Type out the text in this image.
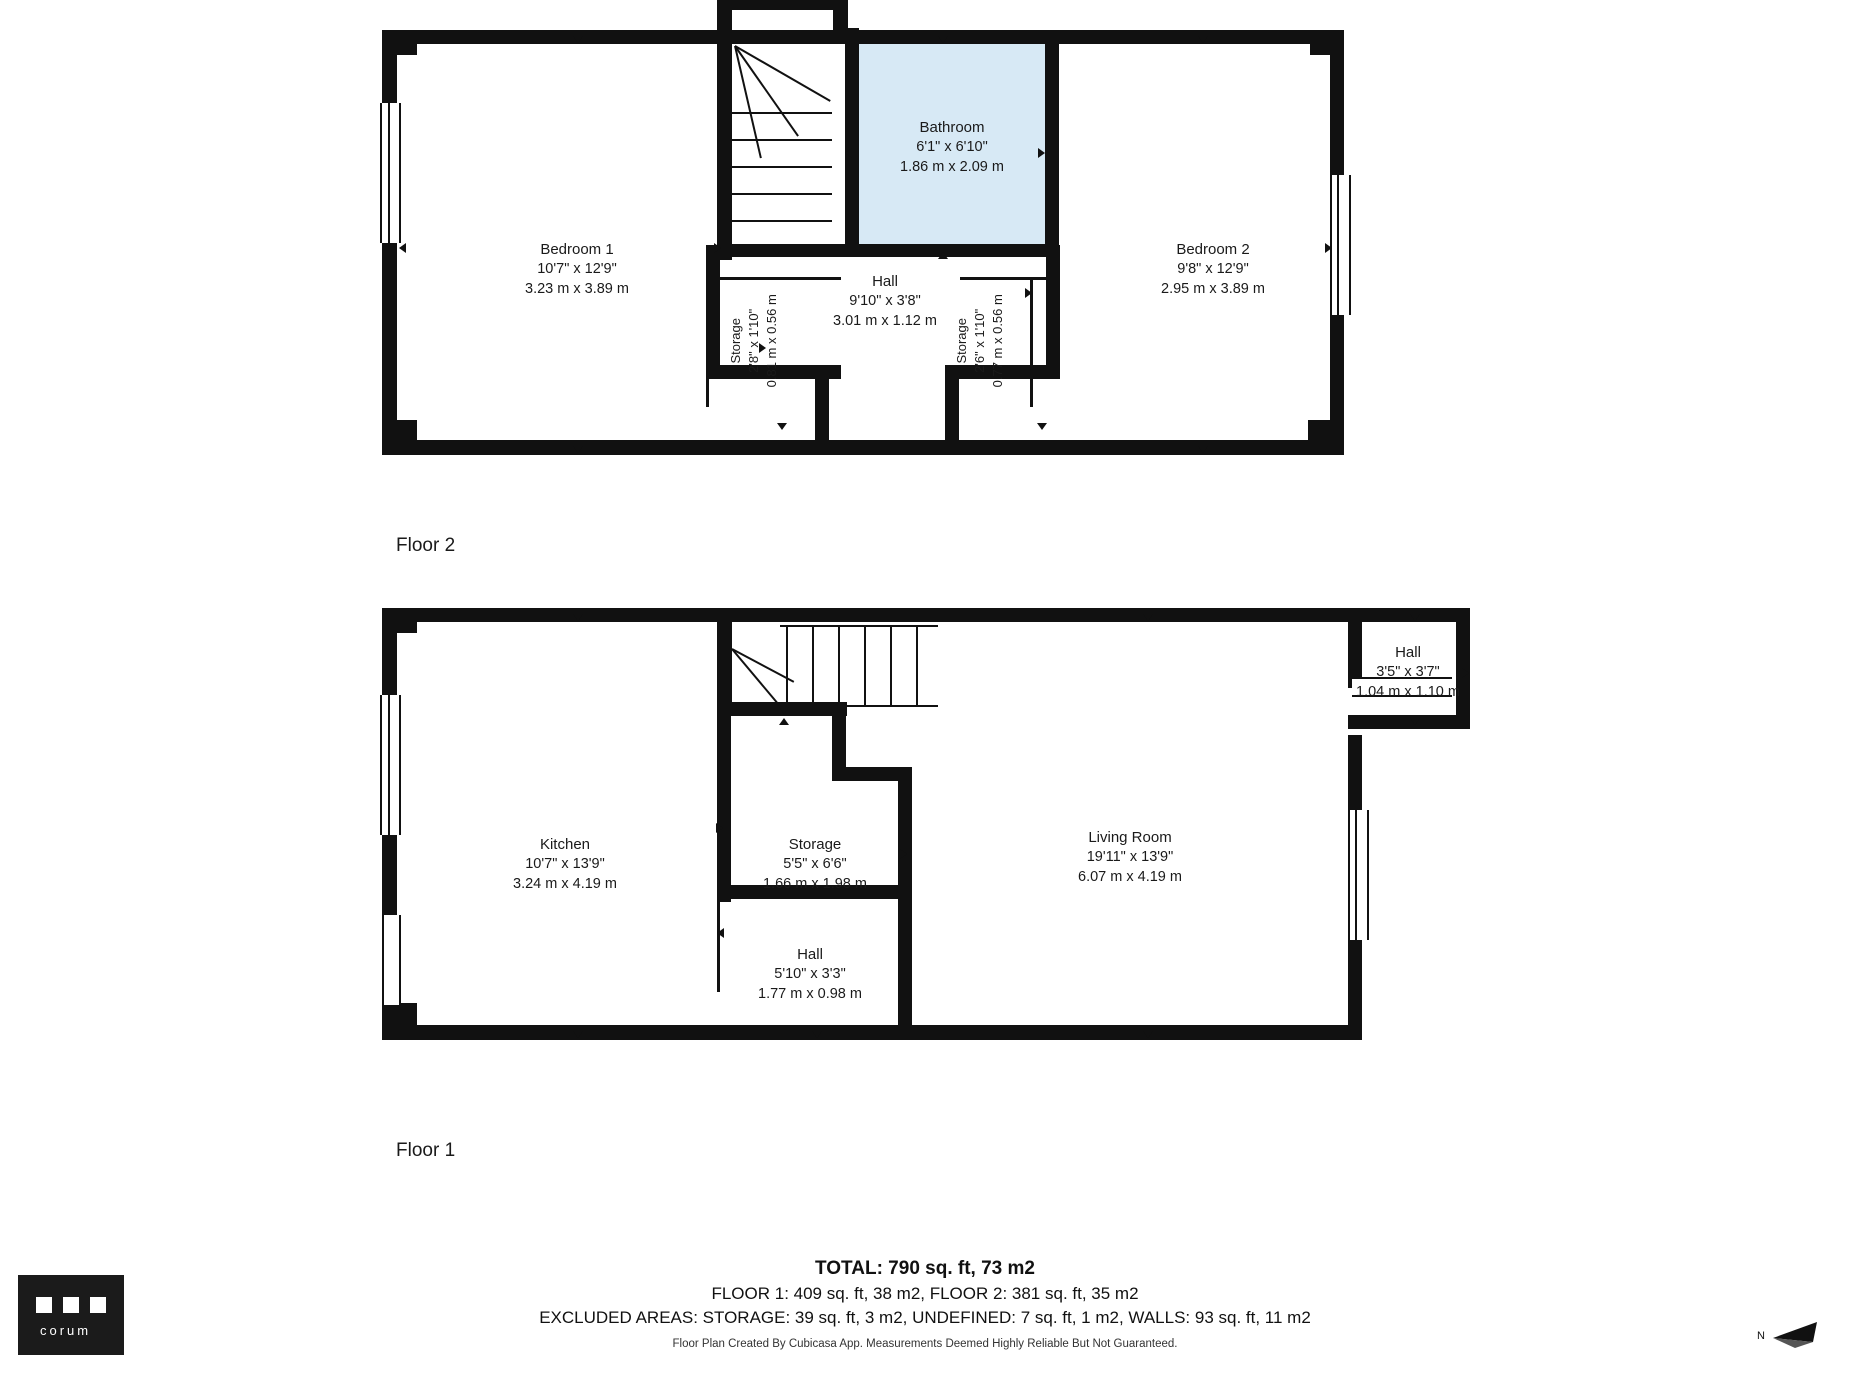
Bedroom 1
10'7" x 12'9"
3.23 m x 3.89 m
Bathroom
6'1" x 6'10"
1.86 m x 2.09 m
Bedroom 2
9'8" x 12'9"
2.95 m x 3.89 m
Hall
9'10" x 3'8"
3.01 m x 1.12 m
Storage 2'8" x 1'10" 0.81 m x 0.56 m	Storage 2'6" x 1'10" 0.77 m x 0.56 m
Floor 2
Kitchen
10'7" x 13'9"
3.24 m x 4.19 m
Storage
5'5" x 6'6"
1.66 m x 1.98 m
Living Room
19'11" x 13'9"
6.07 m x 4.19 m
Hall
3'5" x 3'7"
1.04 m x 1.10 m
Hall
5'10" x 3'3"
1.77 m x 0.98 m
Floor 1
TOTAL: 790 sq. ft, 73 m2
FLOOR 1: 409 sq. ft, 38 m2, FLOOR 2: 381 sq. ft, 35 m2
EXCLUDED AREAS: STORAGE: 39 sq. ft, 3 m2, UNDEFINED: 7 sq. ft, 1 m2, WALLS: 93 sq. ft, 11 m2
Floor Plan Created By Cubicasa App. Measurements Deemed Highly Reliable But Not Guaranteed.
corum	N
